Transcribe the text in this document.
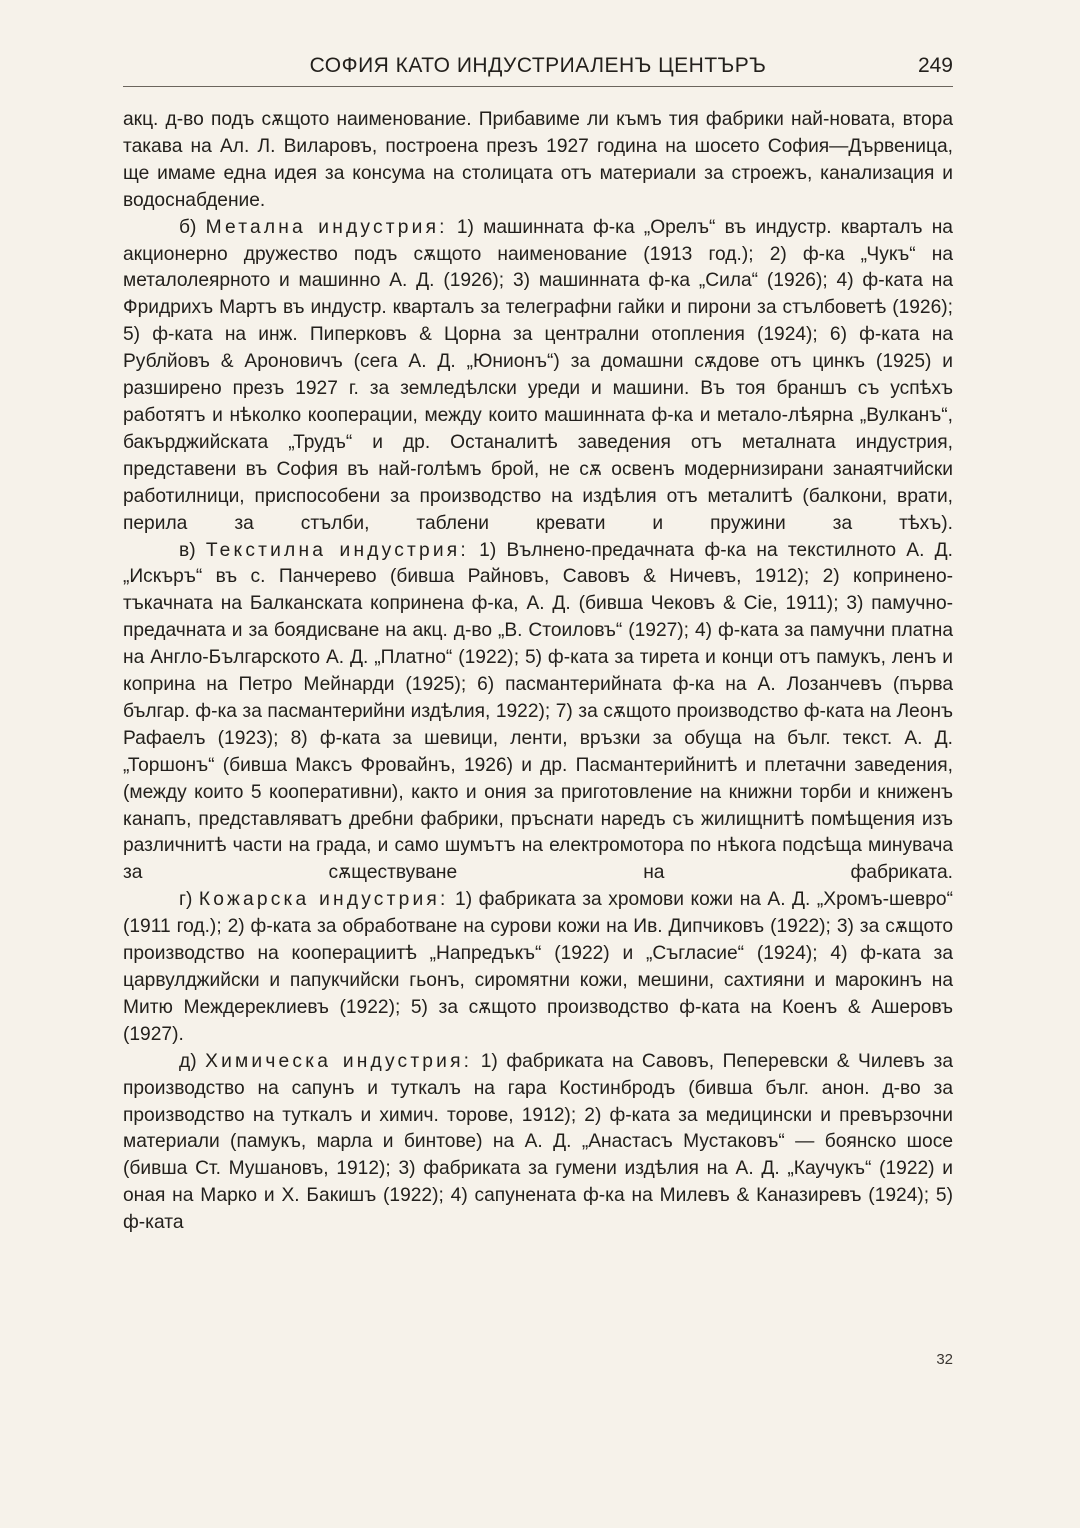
СОФИЯ КАТО ИНДУСТРИАЛЕНЪ ЦЕНТЪРЪ	249

акц. д-во подъ сѫщото наименование. Прибавиме ли къмъ тия фабрики най-новата, втора такава на Ал. Л. Виларовъ, построена презъ 1927 година на шосето София—Дървеница, ще имаме една идея за консума на столицата отъ материали за строежъ, канализация и водоснабдение.

б) Метална индустрия: 1) машинната ф-ка „Орелъ“ въ индустр. кварталъ на акционерно дружество подъ сѫщото наименование (1913 год.); 2) ф-ка „Чукъ“ на металолеярното и машинно А. Д. (1926); 3) машинната ф-ка „Сила“ (1926); 4) ф-ката на Фридрихъ Мартъ въ индустр. кварталъ за телеграфни гайки и пирони за стълбоветѣ (1926); 5) ф-ката на инж. Пиперковъ & Цорна за централни отопления (1924); 6) ф-ката на Рублйовъ & Ароновичъ (сега А. Д. „Юнионъ“) за домашни сѫдове отъ цинкъ (1925) и разширено презъ 1927 г. за земледѣлски уреди и машини. Въ тоя браншъ съ успѣхъ работятъ и нѣколко кооперации, между които машинната ф-ка и метало-лѣярна „Вулканъ“, бакърджийската „Трудъ“ и др. Останалитѣ заведения отъ металната индустрия, представени въ София въ най-голѣмъ брой, не сѫ освенъ модернизирани занаятчийски работилници, приспособени за производство на издѣлия отъ металитѣ (балкони, врати, перила за стълби, таблени кревати и пружини за тѣхъ).

в) Текстилна индустрия: 1) Вълнено-предачната ф-ка на текстилното А. Д. „Искъръ“ въ с. Панчерево (бивша Райновъ, Савовъ & Ничевъ, 1912); 2) копринено-тъкачната на Балканската копринена ф-ка, А. Д. (бивша Чековъ & Cie, 1911); 3) памучно-предачната и за боядисване на акц. д-во „В. Стоиловъ“ (1927); 4) ф-ката за памучни платна на Англо-Българското А. Д. „Платно“ (1922); 5) ф-ката за тирета и конци отъ памукъ, ленъ и коприна на Петро Мейнарди (1925); 6) пасмантерийната ф-ка на А. Лозанчевъ (първа българ. ф-ка за пасмантерийни издѣлия, 1922); 7) за сѫщото производство ф-ката на Леонъ Рафаелъ (1923); 8) ф-ката за шевици, ленти, връзки за обуща на бълг. текст. А. Д. „Торшонъ“ (бивша Максъ Фровайнъ, 1926) и др. Пасмантерийнитѣ и плетачни заведения, (между които 5 кооперативни), както и ония за приготовление на книжни торби и книженъ канапъ, представляватъ дребни фабрики, пръснати наредъ съ жилищнитѣ помѣщения изъ различнитѣ части на града, и само шумътъ на електромотора по нѣкога подсѣща минувача за сѫществуване на фабриката.

г) Кожарска индустрия: 1) фабриката за хромови кожи на А. Д. „Хромъ-шевро“ (1911 год.); 2) ф-ката за обработване на сурови кожи на Ив. Дипчиковъ (1922); 3) за сѫщото производство на кооперациитѣ „Напредъкъ“ (1922) и „Съгласие“ (1924); 4) ф-ката за царвулджийски и папукчийски гьонъ, сиромятни кожи, мешини, сахтияни и марокинъ на Митю Междереклиевъ (1922); 5) за сѫщото производство ф-ката на Коенъ & Ашеровъ (1927).

д) Химическа индустрия: 1) фабриката на Савовъ, Пеперевски & Чилевъ за производство на сапунъ и туткалъ на гара Костинбродъ (бивша бълг. анон. д-во за производство на туткалъ и химич. торове, 1912); 2) ф-ката за медицински и превързочни материали (памукъ, марла и бинтове) на А. Д. „Анастасъ Мустаковъ“ — боянско шосе (бивша Ст. Мушановъ, 1912); 3) фабриката за гумени издѣлия на А. Д. „Каучукъ“ (1922) и оная на Марко и Х. Бакишъ (1922); 4) сапунената ф-ка на Милевъ & Каназиревъ (1924); 5) ф-ката

32
